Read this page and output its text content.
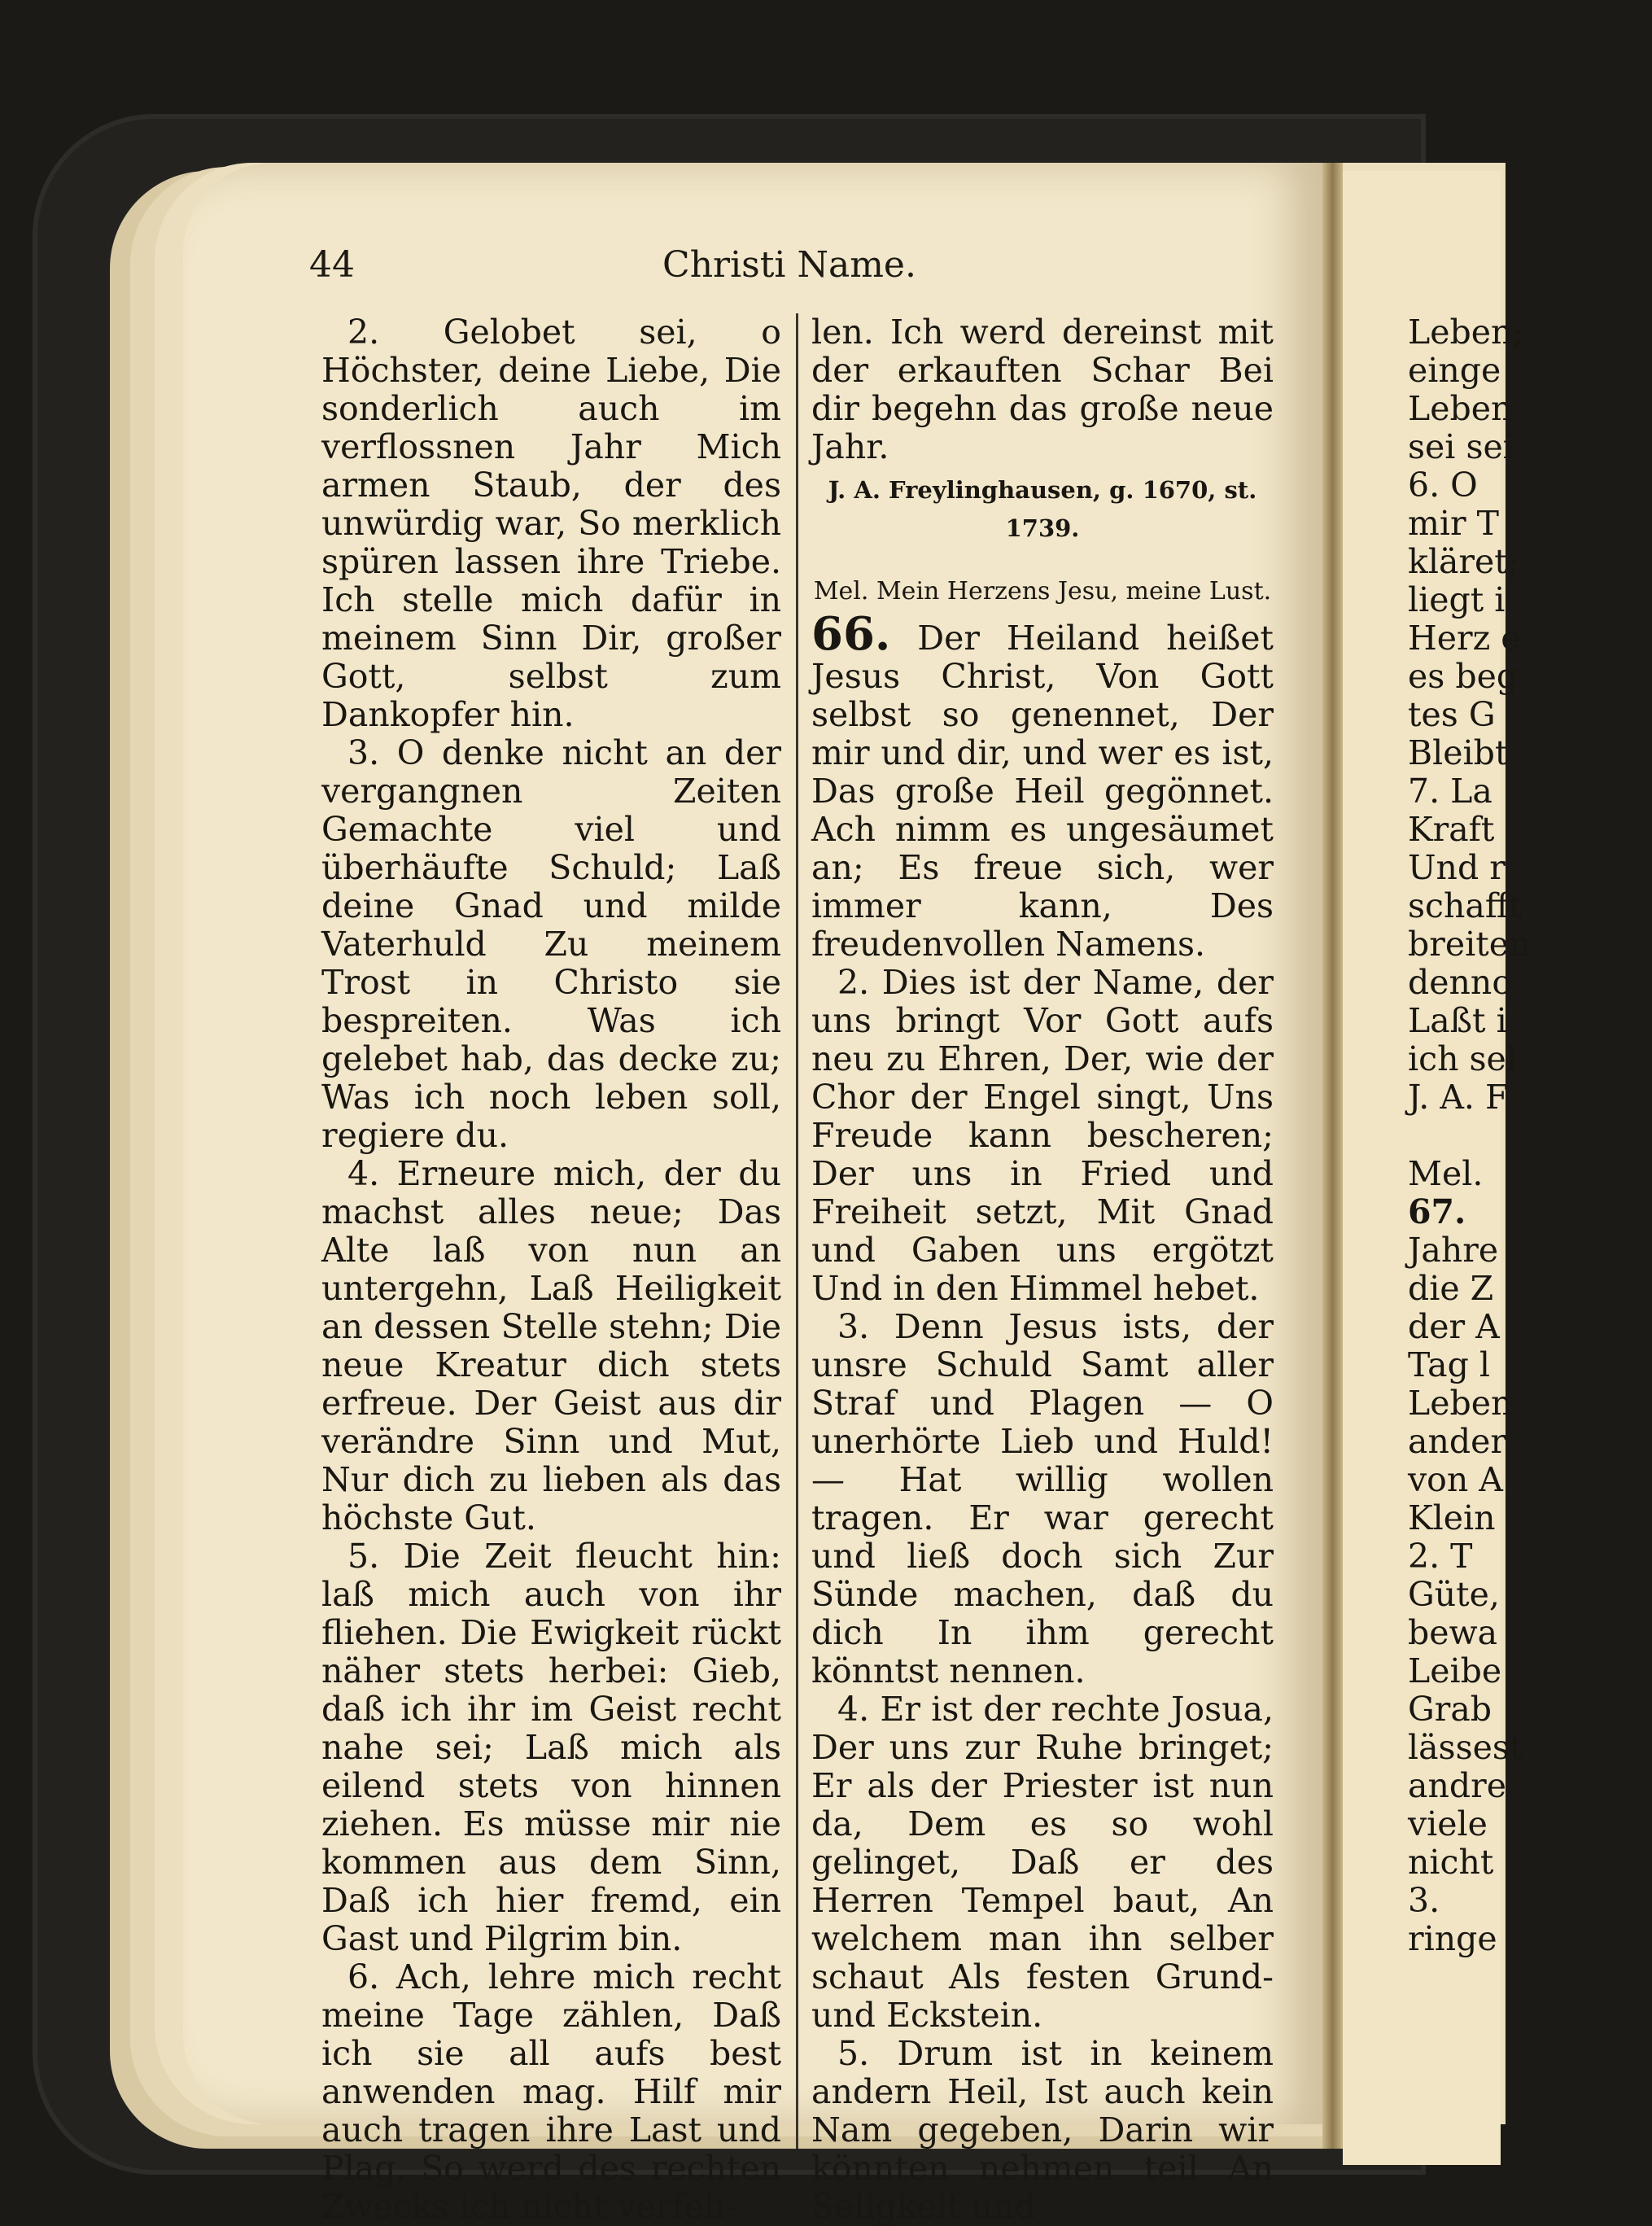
44	Christi Name.

2. Gelobet sei, o Höchster, deine Liebe, Die sonderlich auch im verflossnen Jahr Mich armen Staub, der des unwürdig war, So merklich spüren lassen ihre Triebe. Ich stelle mich dafür in meinem Sinn Dir, großer Gott, selbst zum Dankopfer hin.

3. O denke nicht an der vergangnen Zeiten Gemachte viel und überhäufte Schuld; Laß deine Gnad und milde Vaterhuld Zu meinem Trost in Christo sie bespreiten. Was ich gelebet hab, das decke zu; Was ich noch leben soll, regiere du.

4. Erneure mich, der du machst alles neue; Das Alte laß von nun an untergehn, Laß Heiligkeit an dessen Stelle stehn; Die neue Kreatur dich stets erfreue. Der Geist aus dir verändre Sinn und Mut, Nur dich zu lieben als das höchste Gut.

5. Die Zeit fleucht hin: laß mich auch von ihr fliehen. Die Ewigkeit rückt näher stets herbei: Gieb, daß ich ihr im Geist recht nahe sei; Laß mich als eilend stets von hinnen ziehen. Es müsse mir nie kommen aus dem Sinn, Daß ich hier fremd, ein Gast und Pilgrim bin.

6. Ach, lehre mich recht meine Tage zählen, Daß ich sie all aufs best anwenden mag. Hilf mir auch tragen ihre Last und Plag, So werd des rechten Zwecks ich nicht verfeh-

len. Ich werd dereinst mit der erkauften Schar Bei dir begehn das große neue Jahr.

J. A. Freylinghausen, g. 1670, st. 1739.

Mel. Mein Herzens Jesu, meine Lust.

66. Der Heiland heißet Jesus Christ, Von Gott selbst so genennet, Der mir und dir, und wer es ist, Das große Heil gegönnet. Ach nimm es ungesäumet an; Es freue sich, wer immer kann, Des freudenvollen Namens.

2. Dies ist der Name, der uns bringt Vor Gott aufs neu zu Ehren, Der, wie der Chor der Engel singt, Uns Freude kann bescheren; Der uns in Fried und Freiheit setzt, Mit Gnad und Gaben uns ergötzt Und in den Himmel hebet.

3. Denn Jesus ists, der unsre Schuld Samt aller Straf und Plagen — O unerhörte Lieb und Huld! — Hat willig wollen tragen. Er war gerecht und ließ doch sich Zur Sünde machen, daß du dich In ihm gerecht könntst nennen.

4. Er ist der rechte Josua, Der uns zur Ruhe bringet; Er als der Priester ist nun da, Dem es so wohl gelinget, Daß er des Herren Tempel baut, An welchem man ihn selber schaut Als festen Grund- und Eckstein.

5. Drum ist in keinem andern Heil, Ist auch kein Nam gegeben, Darin wir könnten nehmen teil An Seligkeit und

Leben;

einge

Leben

sei sei

6. O

mir T

kläret;

liegt i

Herz e

es beg

tes G

Bleibt

7. La

Kraft

Und r

schafft

breiten

denno

Laßt i

ich sel

J. A. F

Mel.

67.

Jahre

die Z

der A

Tag l

Leben

ander

von A

Klein

2. T

Güte,

bewa

Leibe

Grab

lässest

andre

viele

nicht

3.

ringe
